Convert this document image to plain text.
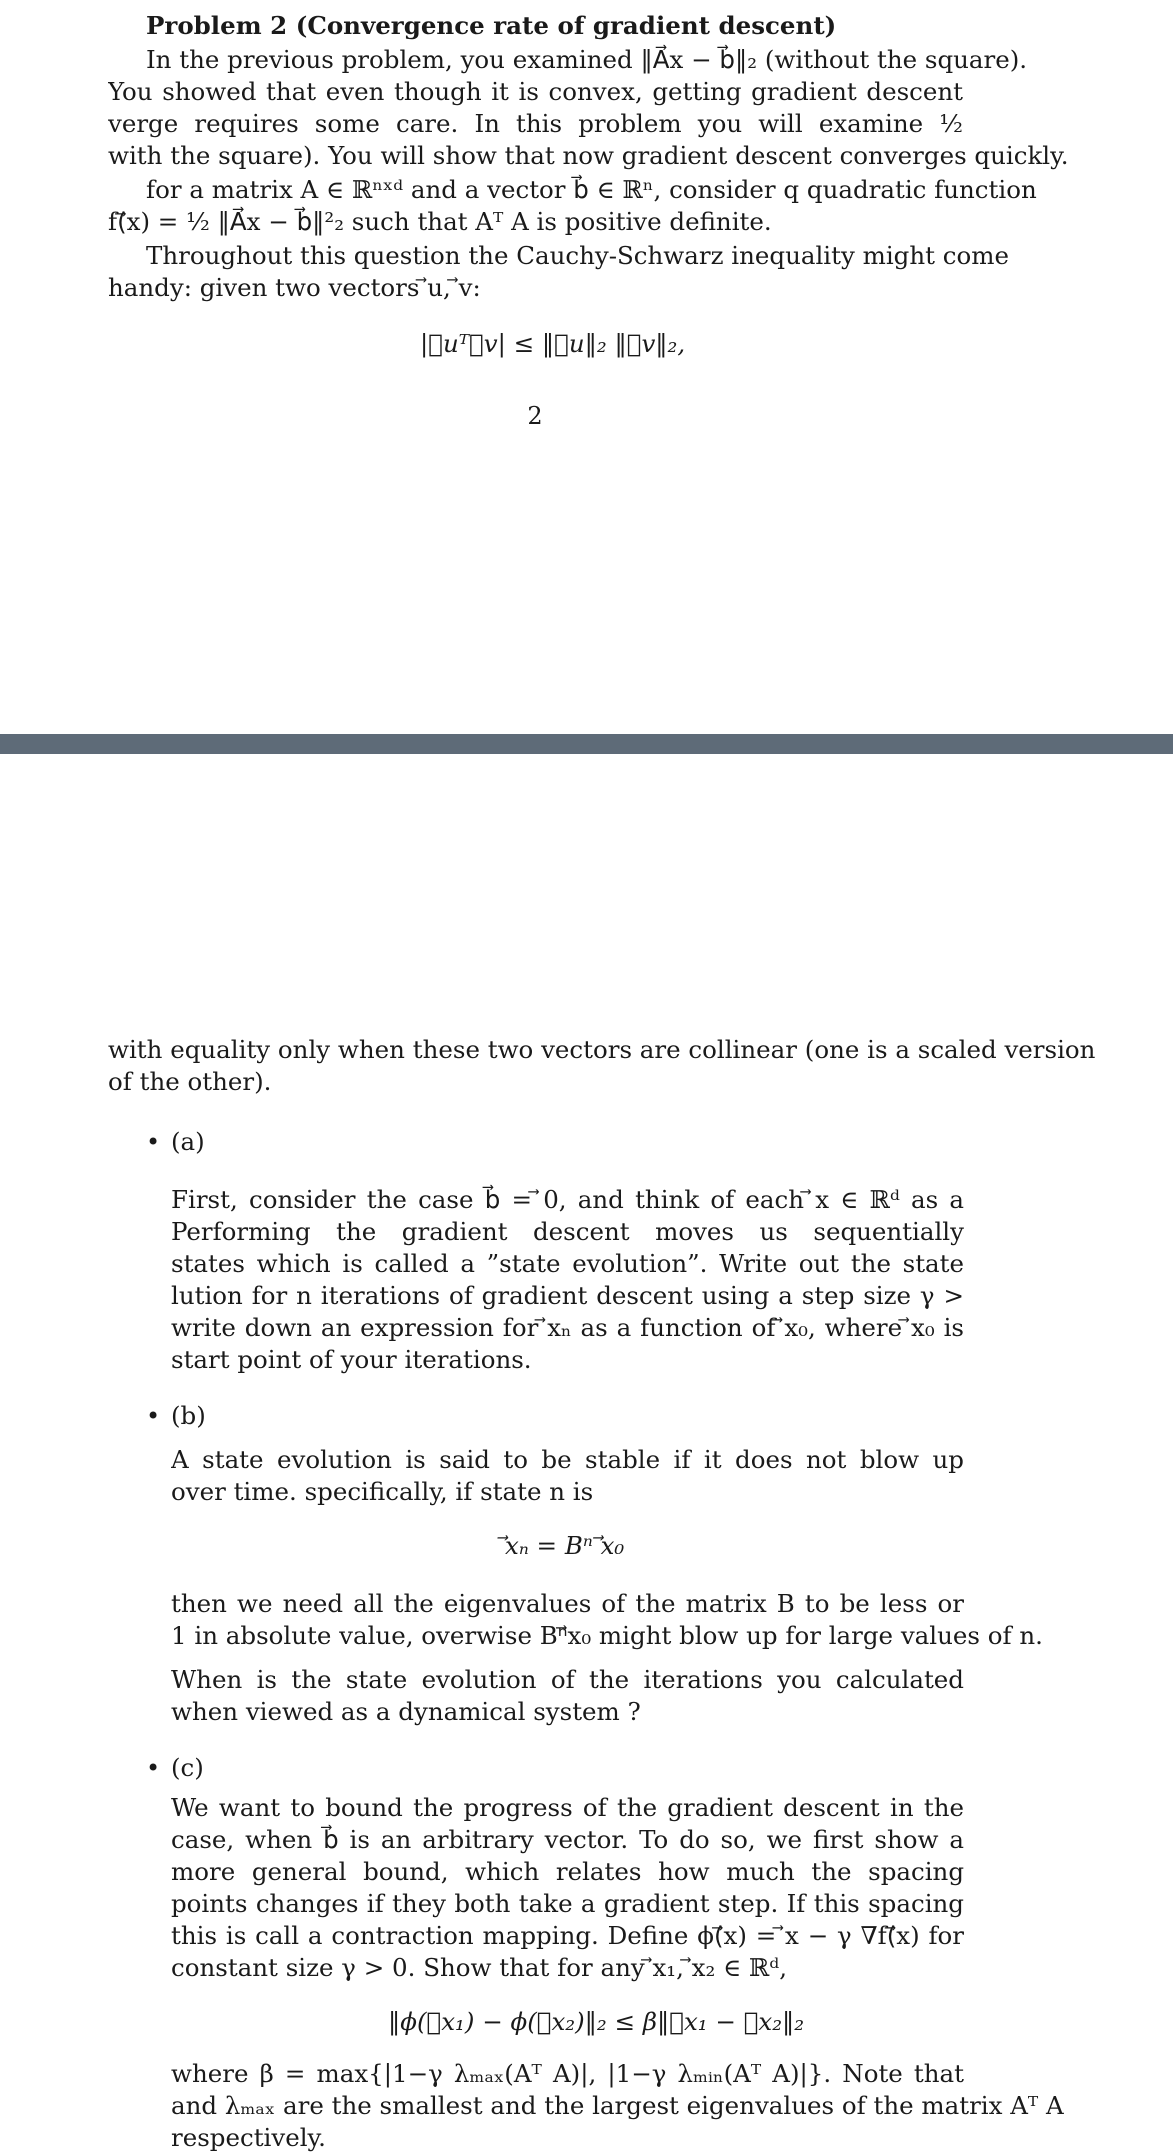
Problem 2 (Convergence rate of gradient descent)
In the previous problem, you examined ‖A⃗x − b⃗‖₂ (without the square).
You showed that even though it is convex, getting gradient descent
verge requires some care. In this problem you will examine ½
with the square). You will show that now gradient descent converges quickly.
for a matrix A ∈ ℝⁿˣᵈ and a vector b⃗ ∈ ℝⁿ, consider q quadratic function
f(⃗x) = ½ ‖A⃗x − b⃗‖²₂ such that Aᵀ A is positive definite.
Throughout this question the Cauchy-Schwarz inequality might come
handy: given two vectors ⃗u, ⃗v:
|⃗uᵀ⃗v| ≤ ‖⃗u‖₂ ‖⃗v‖₂,
2
with equality only when these two vectors are collinear (one is a scaled version
of the other).
• (a)
First, consider the case b⃗ = ⃗0, and think of each ⃗x ∈ ℝᵈ as a
Performing the gradient descent moves us sequentially
states which is called a ”state evolution”. Write out the state
lution for n iterations of gradient descent using a step size γ >
write down an expression for ⃗xₙ as a function of ⃗x₀, where ⃗x₀ is
start point of your iterations.
• (b)
A state evolution is said to be stable if it does not blow up
over time. specifically, if state n is
⃗xₙ = Bⁿ ⃗x₀
then we need all the eigenvalues of the matrix B to be less or
1 in absolute value, overwise Bⁿ⃗x₀ might blow up for large values of n.
When is the state evolution of the iterations you calculated
when viewed as a dynamical system ?
• (c)
We want to bound the progress of the gradient descent in the
case, when b⃗ is an arbitrary vector. To do so, we first show a
more general bound, which relates how much the spacing
points changes if they both take a gradient step. If this spacing
this is call a contraction mapping. Define ϕ(⃗x) = ⃗x − γ ∇f(⃗x) for
constant size γ > 0. Show that for any ⃗x₁, ⃗x₂ ∈ ℝᵈ,
‖ϕ(⃗x₁) − ϕ(⃗x₂)‖₂ ≤ β‖⃗x₁ − ⃗x₂‖₂
where β = max{|1−γ λₘₐₓ(Aᵀ A)|, |1−γ λₘᵢₙ(Aᵀ A)|}. Note that
and λₘₐₓ are the smallest and the largest eigenvalues of the matrix Aᵀ A
respectively.
